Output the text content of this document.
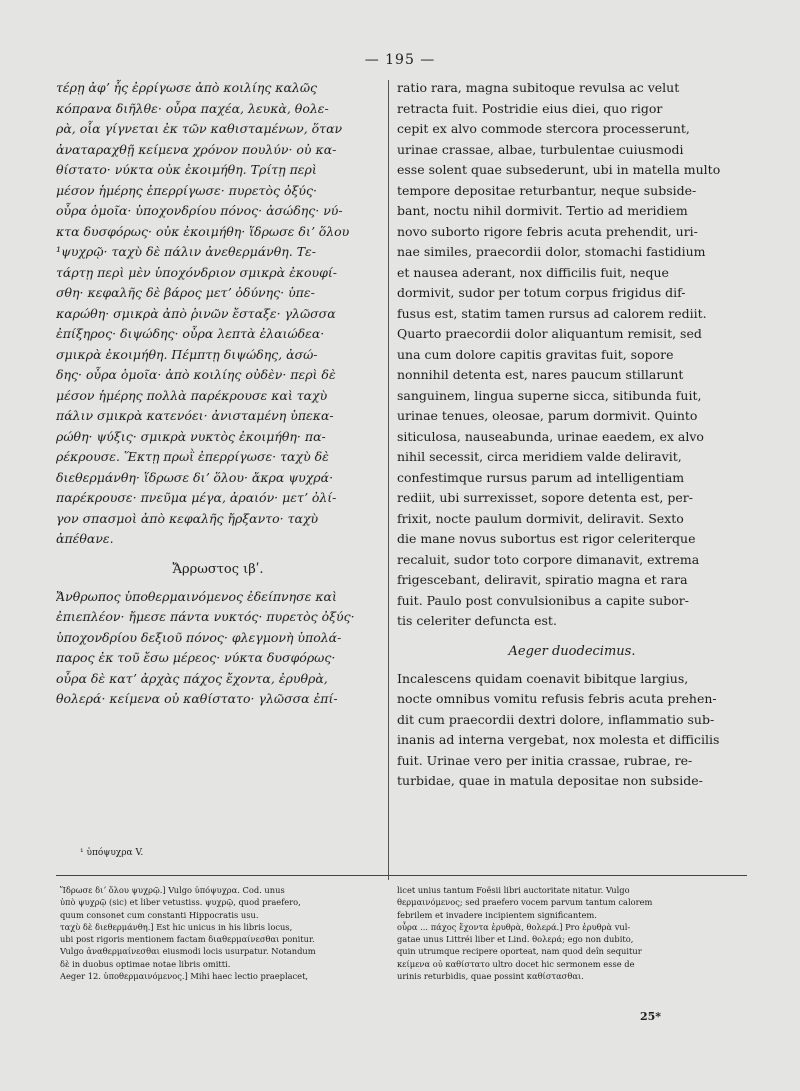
— 195 —
τέρῃ ἀφʼ ἧς ἐρρίγωσε ἀπὸ κοιλίης καλῶς
κόπρανα διῆλθε· οὖρα παχέα, λευκὰ, θολε-
ρὰ, οἷα γίγνεται ἐκ τῶν καθισταμένων, ὅταν
ἀναταραχθῇ κείμενα χρόνον πουλύν· οὐ κα-
θίστατο· νύκτα οὐκ ἐκοιμήθη. Τρίτῃ περὶ
μέσον ἡμέρης ἐπερρίγωσε· πυρετὸς ὀξύς·
οὖρα ὁμοῖα· ὑποχονδρίου πόνος· ἀσώδης· νύ-
κτα δυσφόρως· οὐκ ἐκοιμήθη· ἵδρωσε διʼ ὅλου
¹ψυχρῷ· ταχὺ δὲ πάλιν ἀνεθερμάνθη. Τε-
τάρτῃ περὶ μὲν ὑποχόνδριον σμικρὰ ἐκουφί-
σθη· κεφαλῆς δὲ βάρος μετʼ ὀδύνης· ὑπε-
καρώθη· σμικρὰ ἀπὸ ῥινῶν ἔσταξε· γλῶσσα
ἐπίξηρος· διψώδης· οὖρα λεπτὰ ἐλαιώδεα·
σμικρὰ ἐκοιμήθη. Πέμπτῃ διψώδης, ἀσώ-
δης· οὖρα ὁμοῖα· ἀπὸ κοιλίης οὐδὲν· περὶ δὲ
μέσον ἡμέρης πολλὰ παρέκρουσε καὶ ταχὺ
πάλιν σμικρὰ κατενόει· ἀνισταμένη ὑπεκα-
ρώθη· ψύξις· σμικρὰ νυκτὸς ἐκοιμήθη· πα-
ρέκρουσε. Ἕκτῃ πρωῒ ἐπερρίγωσε· ταχὺ δὲ
διεθερμάνθη· ἵδρωσε διʼ ὅλου· ἄκρα ψυχρά·
παρέκρουσε· πνεῦμα μέγα, ἀραιόν· μετʼ ὀλί-
γον σπασμοὶ ἀπὸ κεφαλῆς ἤρξαντο· ταχὺ
ἀπέθανε.
Ἄρρωστος ιβʹ.
Ἄνθρωπος ὑποθερμαινόμενος ἐδείπνησε καὶ
ἐπιεπλέον· ἤμεσε πάντα νυκτός· πυρετὸς ὀξύς·
ὑποχονδρίου δεξιοῦ πόνος· φλεγμονὴ ὑπολά-
παρος ἐκ τοῦ ἔσω μέρεος· νύκτα δυσφόρως·
οὖρα δὲ κατʼ ἀρχὰς πάχος ἔχοντα, ἐρυθρὰ,
θολερά· κείμενα οὐ καθίστατο· γλῶσσα ἐπί-
ratio rara, magna subitoque revulsa ac velut
retracta fuit. Postridie eius diei, quo rigor
cepit ex alvo commode stercora processerunt,
urinae crassae, albae, turbulentae cuiusmodi
esse solent quae subsederunt, ubi in matella multo
tempore depositae returbantur, neque subside-
bant, noctu nihil dormivit. Tertio ad meridiem
novo suborto rigore febris acuta prehendit, uri-
nae similes, praecordii dolor, stomachi fastidium
et nausea aderant, nox difficilis fuit, neque
dormivit, sudor per totum corpus frigidus dif-
fusus est, statim tamen rursus ad calorem rediit.
Quarto praecordii dolor aliquantum remisit, sed
una cum dolore capitis gravitas fuit, sopore
nonnihil detenta est, nares paucum stillarunt
sanguinem, lingua superne sicca, sitibunda fuit,
urinae tenues, oleosae, parum dormivit. Quinto
siticulosa, nauseabunda, urinae eaedem, ex alvo
nihil secessit, circa meridiem valde deliravit,
confestimque rursus parum ad intelligentiam
rediit, ubi surrexisset, sopore detenta est, per-
frixit, nocte paulum dormivit, deliravit. Sexto
die mane novus subortus est rigor celeriterque
recaluit, sudor toto corpore dimanavit, extrema
frigescebant, deliravit, spiratio magna et rara
fuit. Paulo post convulsionibus a capite subor-
tis celeriter defuncta est.
Aeger duodecimus.
Incalescens quidam coenavit bibitque largius,
nocte omnibus vomitu refusis febris acuta prehen-
dit cum praecordii dextri dolore, inflammatio sub-
inanis ad interna vergebat, nox molesta et difficilis
fuit. Urinae vero per initia crassae, rubrae, re-
turbidae, quae in matula depositae non subside-
¹ ὑπόψυχρα V.
Ἵδρωσε διʼ ὅλου ψυχρῷ.] Vulgo ὑπόψυχρα. Cod. unus
ὑπὸ ψυχρῷ (sic) et liber vetustiss. ψυχρῷ, quod praefero,
quum consonet cum constanti Hippocratis usu.
ταχὺ δὲ διεθερμάνθη.] Est hic unicus in his libris locus,
ubi post rigoris mentionem factam διαθερμαίνεσθαι ponitur.
Vulgo ἀναθερμαίνεσθαι eiusmodi locis usurpatur. Notandum
δὲ in duobus optimae notae libris omitti.
Aeger 12. ὑποθερμαινόμενος.] Mihi haec lectio praeplacet,
licet unius tantum Foësii libri auctoritate nitatur. Vulgo
θερμαινόμενος; sed praefero vocem parvum tantum calorem
febrilem et invadere incipientem significantem.
οὖρα ... πάχος ἔχοντα ἐρυθρὰ, θολερά.] Pro ἐρυθρὰ vul-
gatae unus Littréi liber et Lind. θολερά; ego non dubito,
quin utrumque recipere oporteat, nam quod deîn sequitur
κείμενα οὐ καθίστατο ultro docet hic sermonem esse de
urinis returbidis, quae possint καθίστασθαι.
25*
